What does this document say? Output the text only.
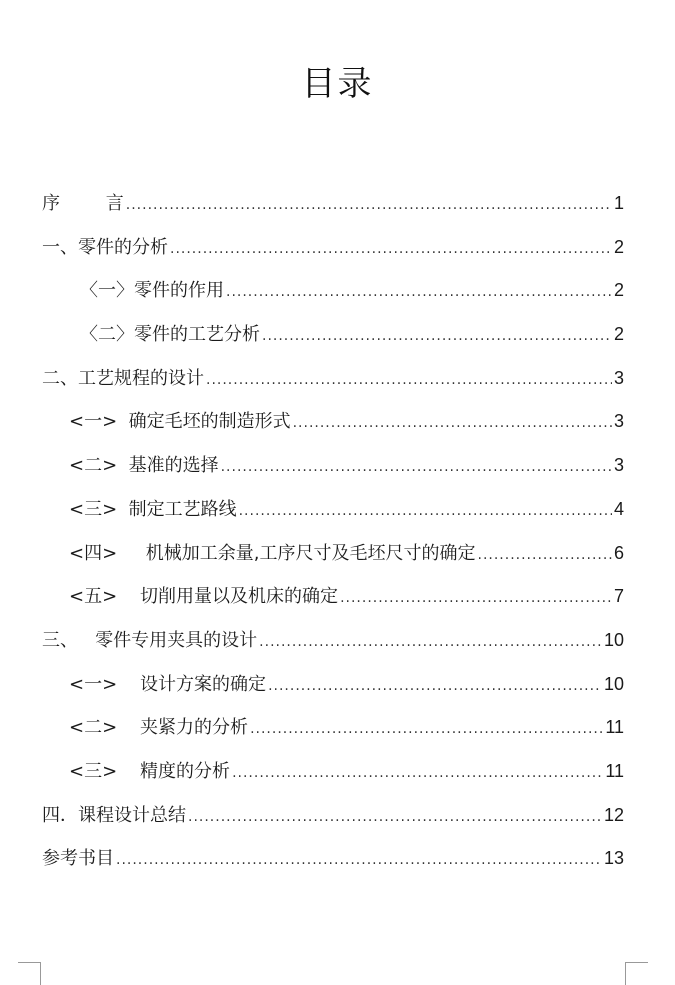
目录
序        言 .....	1
一、零件的分析 .....	2
〈一〉零件的作用 .....	2
〈二〉零件的工艺分析 .....	2
二、工艺规程的设计 .....	3
<一>  确定毛坯的制造形式 .....	3
<二>  基准的选择 .....	3
<三>  制定工艺路线 .....	4
<四>     机械加工余量,工序尺寸及毛坯尺寸的确定 .....	6
<五>    切削用量以及机床的确定 .....	7
三、   零件专用夹具的设计 .....	10
<一>    设计方案的确定 .....	10
<二>    夹紧力的分析 .....	11
<三>    精度的分析 .....	11
四．课程设计总结 .....	12
参考书目 .....	13
